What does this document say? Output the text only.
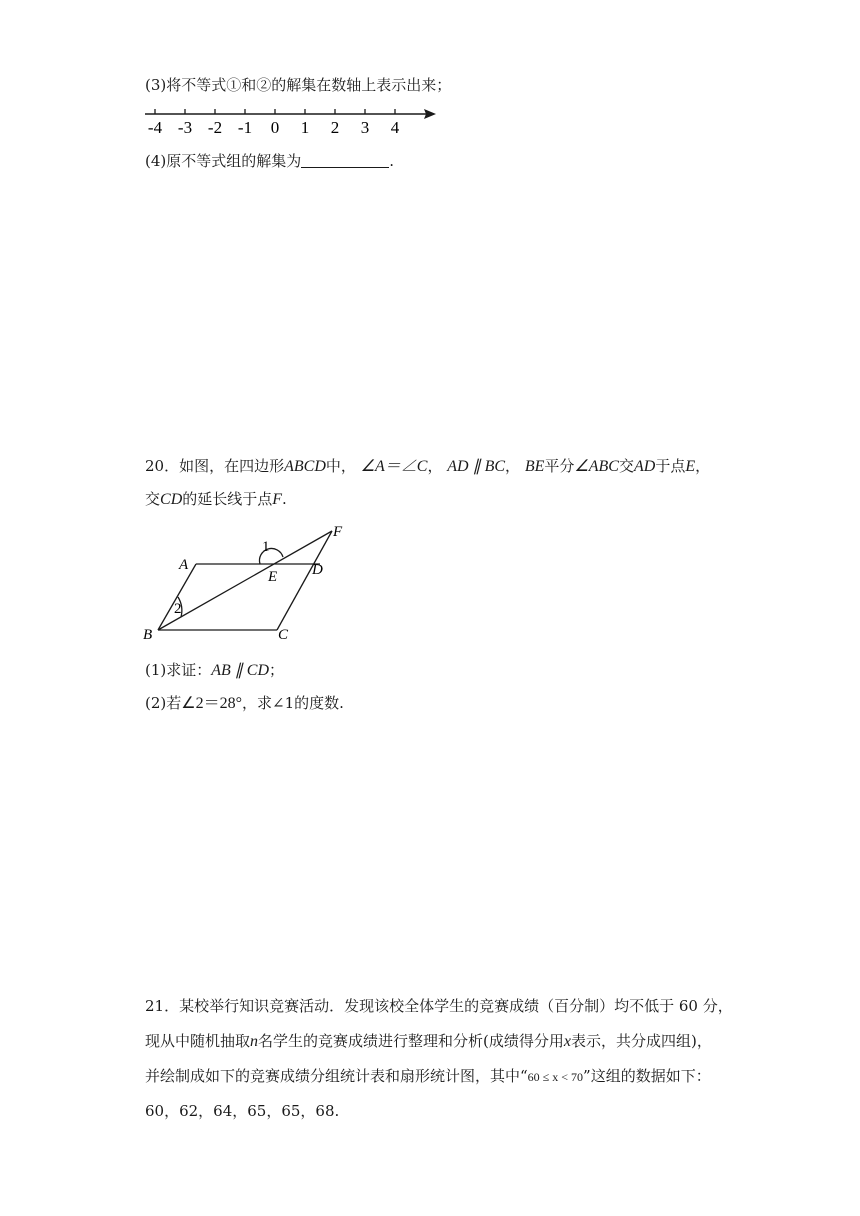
(3)将不等式①和②的解集在数轴上表示出来；
-4 -3 -2 -1 0 1 2 3 4
(4)原不等式组的解集为	.
20．如图，在四边形ABCD中， ∠A＝∠C， AD ∥ BC， BE平分∠ABC交AD于点E，
交CD的延长线于点F.
A
B	C
D
E
F
1
2
(1)求证：AB ∥ CD；
(2)若∠2＝28°，求∠1的度数.
21．某校举行知识竞赛活动．发现该校全体学生的竞赛成绩（百分制）均不低于 60 分，
现从中随机抽取n名学生的竞赛成绩进行整理和分析(成绩得分用x表示，共分成四组)，
并绘制成如下的竞赛成绩分组统计表和扇形统计图，其中“60 ≤ x < 70”这组的数据如下：
60，62，64，65，65，68.
